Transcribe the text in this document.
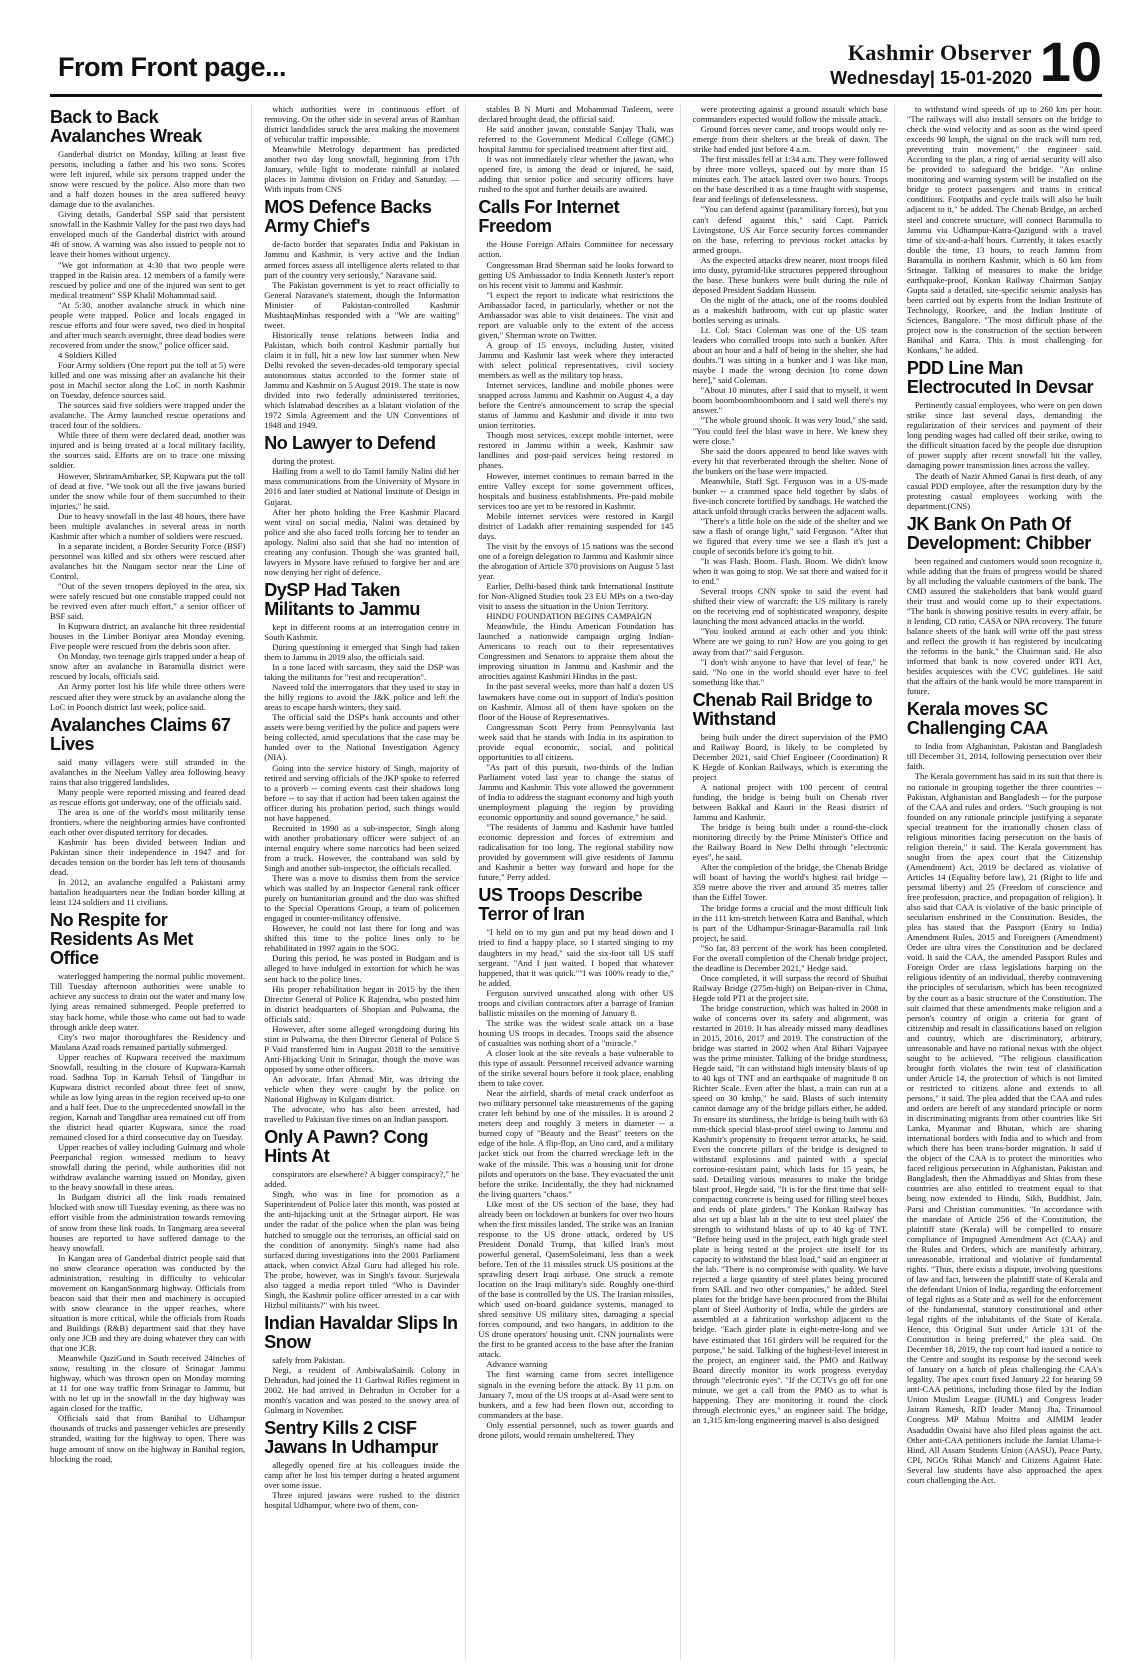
From Front page...	Kashmir Observer
Wednesday| 15-01-2020 10
Back to Back Avalanches Wreak

Ganderbal district on Monday, killing at least five persons, including a father and his two sons. Scores were left injured, while six persons trapped under the snow were rescued by the police. Also more than two and a half dozen houses in the area suffered heavy damage due to the avalanches.

Giving details, Ganderbal SSP said that persistent snowfall in the Kashmir Valley for the past two days had enveloped much of the Ganderbal district with around 4ft of snow. A warning was also issued to people not to leave their homes without urgency.

"We got information at 4:30 that two people were trapped in the Raisin area. 12 members of a family were rescued by police and one of the injured was sent to get medical treatment" SSP Khalil Mohammad said.

"At 5:30, another avalanche struck in which nine people were trapped. Police and locals engaged in rescue efforts and four were saved, two died in hospital and after much search overnight, three dead bodies were recovered from under the snow," police officer said.

4 Soldiers Killed

Four Army soldiers (One report put the toll at 5) were killed and one was missing after an avalanche hit their post in Machil sector along the LoC in north Kashmir on Tuesday, defence sources said.

The sources said five soldiers were trapped under the avalanche. The Army launched rescue operations and traced four of the soldiers.

While three of them were declared dead, another was injured and is being treated at a local military facility, the sources said. Efforts are on to trace one missing soldier.

However, ShriramAmbarker, SP, Kupwara put the toll of dead at five. "We took out all the five jawans buried under the snow while four of them succumbed to their injuries," he said.

Due to heavy snowfall in the last 48 hours, there have been multiple avalanches in several areas in north Kashmir after which a number of soldiers were rescued.

In a separate incident, a Border Security Force (BSF) personnel was killed and six others were rescued after avalanches hit the Naugam sector near the Line of Control.

"Out of the seven troopers deployed in the area, six were safely rescued but one constable trapped could not be revived even after much effort," a senior officer of BSF said.

In Kupwara district, an avalanche hit three residential houses in the Limber Boniyar area Monday evening. Five people were rescued from the debris soon after.

On Monday, two teenage girls trapped under a heap of snow after an avalanche in Baramulla district were rescued by locals, officials said.

An Army porter lost his life while three others were rescued after they were struck by an avalanche along the LoC in Poonch district last week, police said.

Avalanches Claims 67 Lives

said many villagers were still stranded in the avalanches in the Neelum Valley area following heavy rains that also triggered landslides.

Many people were reported missing and feared dead as rescue efforts got underway, one of the officials said.

The area is one of the world's most militarily tense frontiers, where the neighboring armies have confronted each other over disputed territory for decades.

Kashmir has been divided between Indian and Pakistan since their independence in 1947 and for decades tension on the border has left tens of thousands dead.

In 2012, an avalanche engulfed a Pakistani army battalion headquarters near the Indian border killing at least 124 soldiers and 11 civilians.

No Respite for Residents As Met Office

waterlogged hampering the normal public movement. Till Tuesday afternoon authorities were unable to achieve any success to drain out the water and many low lying areas remained submerged. People preferred to stay back home, while those who came out had to wade through ankle deep water.

City's two major thoroughfares the Residency and Maulana Azad roads remained partially submerged.

Upper reaches of Kupwara received the maximum Snowfall, resulting in the closure of Kupwara-Karnah road. Sadhna Top in Karnah Tehsil of Tangdhar in Kupwara district recorded about three feet of snow, while as low lying areas in the region received up-to one and a half feet. Due to the unprecedented snowfall in the region, Karnah and Tangdhar area remained cut off from the district head quarter Kupwara, since the road remained closed for a third consecutive day on Tuesday.

Upper reaches of valley including Gulmarg and whole Peerpanchal region witnessed medium to heavy snowfall during the period, while authorities did not withdraw avalanche warning issued on Monday, given to the heavy snowfall in these areas.

In Budgam district all the link roads remained blocked with snow till Tuesday evening, as there was no effort visible from the administration towards removing of snow from these link roads. In Tangmarg area several houses are reported to have suffered damage to the heavy snowfall.

In Kangan area of Ganderbal district people said that no snow clearance operation was conducted by the administration, resulting in difficulty to vehicular movement on KanganSonmarg highway. Officials from beacon said that their men and machinery is occupied with snow clearance in the upper reaches, where situation is more critical, while the officials from Roads and Buildings (R&B) department said that they have only one JCB and they are doing whatever they can with that one JCB.

Meanwhile QaziGund in South received 24inches of snow, resulting in the closure of Srinagar Jammu highway, which was thrown open on Monday morning at 11 for one way traffic from Srinagar to Jammu, but with no let up in the snowfall in the day highway was again closed for the traffic.

Officials said that from Banihal to Udhampur thousands of trucks and passenger vehicles are presently stranded, waiting for the highway to open. There was huge amount of snow on the highway in Banihal region, blocking the road,

which authorities were in continuous effort of removing. On the other side in several areas of Ramban district landslides struck the area making the movement of vehicular traffic impossible.

Meanwhile Metrology department has predicted another two day long snowfall, beginning from 17th January, while light to moderate rainfall at isolated places in Jammu division on Friday and Saturday. —With inputs from CNS

MOS Defence Backs Army Chief's

de-facto border that separates India and Pakistan in Jammu and Kashmir, is very active and the Indian armed forces assess all intelligence alerts related to that part of the country very seriously," Naravane said.

The Pakistan government is yet to react officially to General Naravane's statement, though the Information Minister of Pakistan-controlled Kashmir MushtaqMinhas responded with a "We are waiting" tweet.

Historically tense relations between India and Pakistan, which both control Kashmir partially but claim it in full, hit a new low last summer when New Delhi revoked the seven-decades-old temporary special autonomous status accorded to the former state of Jammu and Kashmir on 5 August 2019. The state is now divided into two federally administered territories, which Islamabad describes as a blatant violation of the 1972 Simla Agreement and the UN Conventions of 1948 and 1949.

No Lawyer to Defend

during the protest.

Hailing from a well to do Tamil family Nalini did her mass communications from the University of Mysore in 2016 and later studied at National Institute of Design in Gujarat.

After her photo holding the Free Kashmir Placard went viral on social media, Nalini was detained by police and she also faced trolls forcing her to tender an apology. Nalini also said that she had no intention of creating any confusion. Though she was granted bail, lawyers in Mysore have refused to forgive her and are now denying her right of defence.

DySP Had Taken Militants to Jammu

kept in different rooms at an interrogation centre in South Kashmir.

During questioning it emerged that Singh had taken them to Jammu in 2019 also, the officials said.

In a tone laced with sarcasm, they said the DSP was taking the militants for "rest and recuperation".

Naveed told the interrogators that they used to stay in the hilly regions to avoid the J&K police and left the areas to escape harsh winters, they said.

The official said the DSP's bank accounts and other assets were being verified by the police and papers were being collected, amid speculations that the case may be handed over to the National Investigation Agency (NIA).

Going into the service history of Singh, majority of retired and serving officials of the JKP spoke to referred to a proverb -- coming events cast their shadows long before -- to say that if action had been taken against the officer during his probation period, such things would not have happened.

Recruited in 1990 as a sub-inspector, Singh along with another probationary officer were subject of an internal enquiry where some narcotics had been seized from a truck. However, the contraband was sold by Singh and another sub-inspector, the officials recalled.

There was a move to dismiss them from the service which was stalled by an Inspector General rank officer purely on humanitarian ground and the duo was shifted to the Special Operations Group, a team of policemen engaged in counter-militancy offensive.

However, he could not last there for long and was shifted this time to the police lines only to be rehabilitated in 1997 again in the SOG.

During this period, he was posted in Budgam and is alleged to have indulged in extortion for which he was sent back to the police lines.

His proper rehabilitation began in 2015 by the then Director General of Police K Rajendra, who posted him in district headquarters of Shopian and Pulwama, the officials said.

However, after some alleged wrongdoing during his stint in Pulwama, the then Director General of Police S P Vaid transferred him in August 2018 to the sensitive Anti-Hijacking Unit in Srinagar, though the move was opposed by some other officers.

An advocate, Irfan Ahmad Mir, was driving the vehicle when they were caught by the police on National Highway in Kulgam district.

The advocate, who has also been arrested, had travelled to Pakistan five times on an Indian passport.

Only A Pawn? Cong Hints At

conspirators are elsewhere? A bigger conspiracy?," he added.

Singh, who was in line for promotion as a Superintendent of Police later this month, was posted at the anti-hijacking unit at the Srinagar airport. He was under the radar of the police when the plan was being hatched to smuggle out the terrorists, an official said on the condition of anonymity. Singh's name had also surfaced during investigations into the 2001 Parliament attack, when convict Afzal Guru had alleged his role. The probe, however, was in Singh's favour. Surjewala also tagged a media report titled "Who is Davinder Singh, the Kashmir police officer arrested in a car with Hizbul militants?" with his tweet.

Indian Havaldar Slips In Snow

safely from Pakistan.

Negi, a resident of AmbiwalaSainik Colony in Dehradun, had joined the 11 Garhwal Rifles regiment in 2002. He had arrived in Dehradun in October for a month's vacation and was posted to the snowy area of Gulmarg in November.

Sentry Kills 2 CISF Jawans In Udhampur

allegedly opened fire at his colleagues inside the camp after he lost his temper during a heated argument over some issue.

Three injured jawans were rushed to the district hospital Udhampur, where two of them, con-

stables B N Murti and Mohammad Tasleem, were declared brought dead, the official said.

He said another jawan, constable Sanjay Thali, was referred to the Government Medical College (GMC) hospital Jammu for specialised treatment after first aid.

It was not immediately clear whether the jawan, who opened fire, is among the dead or injured, he said, adding that senior police and security officers have rushed to the spot and further details are awaited.

Calls For Internet Freedom

the House Foreign Affairs Committee for necessary action.

Congressman Brad Sherman said he looks forward to getting US Ambassador to India Kenneth Juster's report on his recent visit to Jammu and Kashmir.

"I expect the report to indicate what restrictions the Ambassador faced, in particularly, whether or not the Ambassador was able to visit detainees. The visit and report are valuable only to the extent of the access given," Sherman wrote on Twitter.

A group of 15 envoys, including Juster, visited Jammu and Kashmir last week where they interacted with select political representatives, civil society members as well as the military top brass.

Internet services, landline and mobile phones were snapped across Jammu and Kashmir on August 4, a day before the Centre's announcement to scrap the special status of Jammu and Kashmir and divide it into two union territories.

Though most services, except mobile internet, were restored in Jammu within a week, Kashmir saw landlines and post-paid services being restored in phases.

However, internet continues to remain barred in the entire Valley except for some government offices, hospitals and business establishments. Pre-paid mobile services too are yet to be restored in Kashmir.

Mobile internet services were restored in Kargil district of Ladakh after remaining suspended for 145 days.

The visit by the envoys of 15 nations was the second one of a foreign delegation to Jammu and Kashmir since the abrogation of Article 370 provisions on August 5 last year.

Earlier, Delhi-based think tank International Institute for Non-Aligned Studies took 23 EU MPs on a two-day visit to assess the situation in the Union Territory.

HINDU FOUNDATION BEGINS CAMPAIGN

Meanwhile, the Hindu American Foundation has launched a nationwide campaign urging Indian-Americans to reach out to their representatives Congressmen and Senators to appraise them about the improving situation in Jammu and Kashmir and the atrocities against Kashmiri Hindus in the past.

In the past several weeks, more than half a dozen US lawmakers have come out in support of India's position on Kashmir. Almost all of them have spoken on the floor of the House of Representatives.

Congressman Scott Perry from Pennsylvania last week said that he stands with India in its aspiration to provide equal economic, social, and political opportunities to all citizens.

"As part of this pursuit, two-thirds of the Indian Parliament voted last year to change the status of Jammu and Kashmir. This vote allowed the government of India to address the stagnant economy and high youth unemployment plaguing the region by providing economic opportunity and sound governance," he said.

"The residents of Jammu and Kashmir have battled economic depression and forces of extremism and radicalisation for too long. The regional stability now provided by government will give residents of Jammu and Kashmir a better way forward and hope for the future," Perry added.

US Troops Describe Terror of Iran

"I held on to my gun and put my head down and I tried to find a happy place, so I started singing to my daughters in my head," said the six-foot tall US staff sergeant. "And I just waited. I hoped that whatever happened, that it was quick.""I was 100% ready to die," he added.

Ferguson survived unscathed along with other US troops and civilian contractors after a barrage of Iranian ballistic missiles on the morning of January 8.

The strike was the widest scale attack on a base housing US troops in decades. Troops said the absence of casualties was nothing short of a "miracle."

A closer look at the site reveals a base vulnerable to this type of assault. Personnel received advance warning of the strike several hours before it took place, enabling them to take cover.

Near the airfield, shards of metal crack underfoot as two military personnel take measurements of the gaping crater left behind by one of the missiles. It is around 2 meters deep and roughly 3 meters in diameter -- a burned copy of "Beauty and the Beast" teeters on the edge of the hole. A flip-flop, an Uno card, and a military jacket stick out from the charred wreckage left in the wake of the missile. This was a housing unit for drone pilots and operators on the base. They evacuated the unit before the strike. Incidentally, the they had nicknamed the living quarters "chaos."

Like most of the US section of the base, they had already been on lockdown at bunkers for over two hours when the first missiles landed. The strike was an Iranian response to the US drone attack, ordered by US President Donald Trump, that killed Iran's most powerful general, QasemSoleimani, less than a week before. Ten of the 11 missiles struck US positions at the sprawling desert Iraqi airbase. One struck a remote location on the Iraqi military's side. Roughly one-third of the base is controlled by the US. The Iranian missiles, which used on-board guidance systems, managed to shred sensitive US military sites, damaging a special forces compound, and two hangars, in addition to the US drone operators' housing unit. CNN journalists were the first to be granted access to the base after the Iranian attack.

Advance warning

The first warning came from secret intelligence signals in the evening before the attack. By 11 p.m. on January 7, most of the US troops at al-Asad were sent to bunkers, and a few had been flown out, according to commanders at the base.

Only essential personnel, such as tower guards and drone pilots, would remain unsheltered. They

were protecting against a ground assault which base commanders expected would follow the missile attack.

Ground forces never came, and troops would only re-emerge from their shelters at the break of dawn. The strike had ended just before 4 a.m.

The first missiles fell at 1:34 a.m. They were followed by three more volleys, spaced out by more than 15 minutes each. The attack lasted over two hours. Troops on the base described it as a time fraught with suspense, fear and feelings of defenselessness.

"You can defend against (paramilitary forces), but you can't defend against this," said Capt. Patrick Livingstone, US Air Force security forces commander on the base, referring to previous rocket attacks by armed groups.

As the expected attacks drew nearer, most troops filed into dusty, pyramid-like structures peppered throughout the base. These bunkers were built during the rule of deposed President Saddam Hussein.

On the night of the attack, one of the rooms doubled as a makeshift bathroom, with cut up plastic water bottles serving as urinals.

Lt. Col. Staci Coleman was one of the US team leaders who corralled troops into such a bunker. After about an hour and a half of being in the shelter, she had doubts."I was sitting in a bunker and I was like man, maybe I made the wrong decision [to come down here]," said Coleman.

"About 10 minutes, after I said that to myself, it went boom boomboomboomboom and I said well there's my answer."

"The whole ground shook. It was very loud," she said. "You could feel the blast wave in here. We knew they were close."

She said the doors appeared to bend like waves with every hit that reverberated through the shelter. None of the bunkers on the base were impacted.

Meanwhile, Staff Sgt. Ferguson was in a US-made bunker -- a crammed space held together by slabs of five-inch concrete fortified by sandbags. He watched the attack unfold through cracks between the adjacent walls.

"There's a little hole on the side of the shelter and we saw a flash of orange light," said Ferguson. "After that we figured that every time we see a flash it's just a couple of seconds before it's going to hit.

"It was Flash. Boom. Flash. Boom. We didn't know when it was going to stop. We sat there and waited for it to end."

Several troops CNN spoke to said the event had shifted their view of warcraft: the US military is rarely on the receiving end of sophisticated weaponry, despite launching the most advanced attacks in the world.

"You looked around at each other and you think: Where are we going to run? How are you going to get away from that?" said Ferguson.

"I don't wish anyone to have that level of fear," he said. "No one in the world should ever have to feel something like that."

Chenab Rail Bridge to Withstand

being built under the direct supervision of the PMO and Railway Board, is likely to be completed by December 2021, said Chief Engineer (Coordination) R K Hegde of Konkan Railways, which is executing the project

A national project with 100 percent of central funding, the bridge is being built on Chenab river between Bakkal and Kauri in the Reasi district of Jammu and Kashmir.

The bridge is being built under a round-the-clock monitoring directly by the Prime Minister's Office and the Railway Board in New Delhi through "electronic eyes", he said.

After the completion of the bridge, the Chenab Bridge will boast of having the world's highest rail bridge -- 359 metre above the river and around 35 metres taller than the Eiffel Tower.

The bridge forms a crucial and the most difficult link in the 111 km-stretch between Katra and Banihal, which is part of the Udhampur-Srinagar-Baramulla rail link project, he said.

"So far, 83 percent of the work has been completed. For the overall completion of the Chenab bridge project, the deadline is December 2021," Hedge said.

Once completed, it will surpass the record of Shuibai Railway Bridge (275m-high) on Beipan-river in China, Hegde told PTI at the project site.

The bridge construction, which was halted in 2008 in wake of concerns over its safety and alignment, was restarted in 2010. It has already missed many deadlines in 2015, 2016, 2017 and 2019. The construction of the bridge was started in 2002 when Atal Bihari Vajpayee was the prime minister. Talking of the bridge sturdiness, Hegde said, "It can withstand high intensity blasts of up to 40 kgs of TNT and an earthquake of magnitude 8 on Richter Scale. Even after the blast, a train can run at a speed on 30 kmhp," he said. Blasts of such intensity cannot damage any of the bridge pillars either, he added. To ensure its sturdiness, the bridge is being built with 63 mm-thick special blast-proof steel owing to Jammu and Kashmir's propensity to frequent terror attacks, he said. Even the concrete pillars of the bridge is designed to withstand explosions and painted with a special corrosion-resistant paint, which lasts for 15 years, he said. Detailing various measures to make the bridge blast proof, Hegde said, "It is for the first time that self-compacting concrete is being used for filling steel boxes and ends of plate girders." The Konkan Railway has also set up a blast lab at the site to test steel plates' the strength to withstand blasts of up to 40 kg of TNT. "Before being used in the project, each high grade steel plate is being tested at the project site itself for its capacity to withstand the blast load," said an engineer at the lab. "There is no compromise with quality. We have rejected a large quantity of steel plates being procured from SAIL and two other companies," he added. Steel plates for the bridge have been procured from the Bhilai plant of Steel Authority of India, while the girders are assembled at a fabrication workshop adjacent to the bridge. "Each girder plate is eight-metre-long and we have estimated that 161 girders will be required for the purpose," he said. Talking of the highest-level interest in the project, an engineer said, the PMO and Railway Board directly monitor its work progress everyday through "electronic eyes". "If the CCTVs go off for one minute, we get a call from the PMO as to what is happening. They are monitoring it round the clock through electronic eyes," an engineer said. The bridge, an 1,315 km-long engineering marvel is also designed

to withstand wind speeds of up to 260 km per hour. "The railways will also install sensors on the bridge to check the wind velocity and as soon as the wind speed exceeds 90 kmph, the signal on the track will turn red, preventing train movement," the engineer said. According to the plan, a ring of aerial security will also be provided to safeguard the bridge. "An online monitoring and warning system will be installed on the bridge to protect passengers and trains in critical conditions. Footpaths and cycle trails will also be built adjacent to it," he added. The Chenab Bridge, an arched steel and concrete structure, will connect Baramulla to Jammu via Udhampur-Katra-Qazigund with a travel time of six-and-a-half hours. Currently, it takes exactly double the time, 13 hours, to reach Jammu from Baramulla in northern Kashmir, which is 60 km from Srinagar. Talking of measures to make the bridge earthquake-proof, Konkan Railway Chairman Sanjay Gupta said a detailed, site-specific seismic analysis has been carried out by experts from the Indian Institute of Technology, Roorkee, and the Indian Institute of Sciences, Bangalore. "The most difficult phase of the project now is the construction of the section between Banihal and Katra. This is most challenging for Konkans," he added.

PDD Line Man Electrocuted In Devsar

Pertinently casual employees, who were on pen down strike since last several days, demanding the regularization of their services and payment of their long pending wages had called off their strike, owing to the difficult situation faced by the people due disruption of power supply after recent snowfall hit the valley, damaging power transmission lines across the valley.

The death of Nazir Ahmed Ganai is first death, of any casual PDD employee, after the resumption duty by the protesting casual employees working with the department.(CNS)

JK Bank On Path Of Development: Chibber

been regained and customers would soon recognize it, while adding that the fruits of progress would be shared by all including the valuable customers of the bank. The CMD assured the stakeholders that bank would guard their trust and would come up to their expectations. "The bank is showing positive results in every affair, be it lending, CD ratio, CASA or NPA recovery. The future balance sheets of the bank will write off the past stress and reflect the growth it has registered by inculcating the reforms in the bank," the Chairman said. He also informed that bank is now covered under RTI Act, besides acquiesces with the CVC guidelines. He said that the affairs of the bank would be more transparent in future.

Kerala moves SC Challenging CAA

to India from Afghanistan, Pakistan and Bangladesh till December 31, 2014, following persecution over their faith.

The Kerala government has said in its suit that there is no rationale in grouping together the three countries -- Pakistan, Afghanistan and Bangladesh -- for the purpose of the CAA and rules and orders. "Such grouping is not founded on any rationale principle justifying a separate special treatment for the irrationally chosen class of religious minorities facing persecution on the basis of religion therein," it said. The Kerala government has sought from the apex court that the Citizenship (Amendment) Act, 2019 be declared as violative of Articles 14 (Equality before law), 21 (Right to life and personal liberty) and 25 (Freedom of conscience and free profession, practice, and propagation of religion). It also said that CAA is violative of the basic principle of secularism enshrined in the Constitution. Besides, the plea has stated that the Passport (Entry to India) Amendment Rules, 2015 and Foreigners (Amendment) Order are ultra vires the Constitution and be declared void. It said the CAA, the amended Passport Rules and Foreign Order are class legislations harping on the religious identity of an individual, thereby contravening the principles of secularism, which has been recognized by the court as a basic structure of the Constitution. The suit claimed that these amendments make religion and a person's country of origin a criteria for grant of citizenship and result in classifications based on religion and country, which are discriminatory, arbitrary, unreasonable and have no rational nexus with the object sought to be achieved. "The religious classification brought forth violates the twin test of classification under Article 14, the protection of which is not limited or restricted to citizens alone and extends to all persons," it said. The plea added that the CAA and rules and orders are bereft of any standard principle or norm in discriminating migrants from other countries like Sri Lanka, Myanmar and Bhutan, which are sharing international borders with India and to which and from which there has been trans-border migration. It said if the object of the CAA is to protect the minorities who faced religious persecution in Afghanistan, Pakistan and Bangladesh, then the Ahmaddiyas and Shias from these countries are also entitled to treatment equal to that being now extended to Hindu, Sikh, Buddhist, Jain, Parsi and Christian communities. "In accordance with the mandate of Article 256 of the Constitution, the plaintiff state (Kerala) will be compelled to ensure compliance of Impugned Amendment Act (CAA) and the Rules and Orders, which are manifestly arbitrary, unreasonable, irrational and violative of fundamental rights. "Thus, there exists a dispute, involving questions of law and fact, between the plaintiff state of Kerala and the defendant Union of India, regarding the enforcement of legal rights as a State and as well for the enforcement of the fundamental, statutory constitutional and other legal rights of the inhabitants of the State of Kerala. Hence, this Original Suit under Article 131 of the Constitution is being preferred," the plea said. On December 18, 2019, the top court had issued a notice to the Centre and sought its response by the second week of January on a batch of pleas challenging the CAA's legality. The apex court fixed January 22 for hearing 59 anti-CAA petitions, including those filed by the Indian Union Muslim League (IUML) and Congress leader Jairam Ramesh, RJD leader Manoj Jha, Trinamool Congress MP Mahua Moitra and AIMIM leader Asaduddin Owaisi have also filed pleas against the act. Other anti-CAA petitioners include the Jamiat Ulama-i-Hind, All Assam Students Union (AASU), Peace Party, CPI, NGOs 'Rihai Manch' and Citizens Against Hate. Several law students have also approached the apex court challenging the Act.
